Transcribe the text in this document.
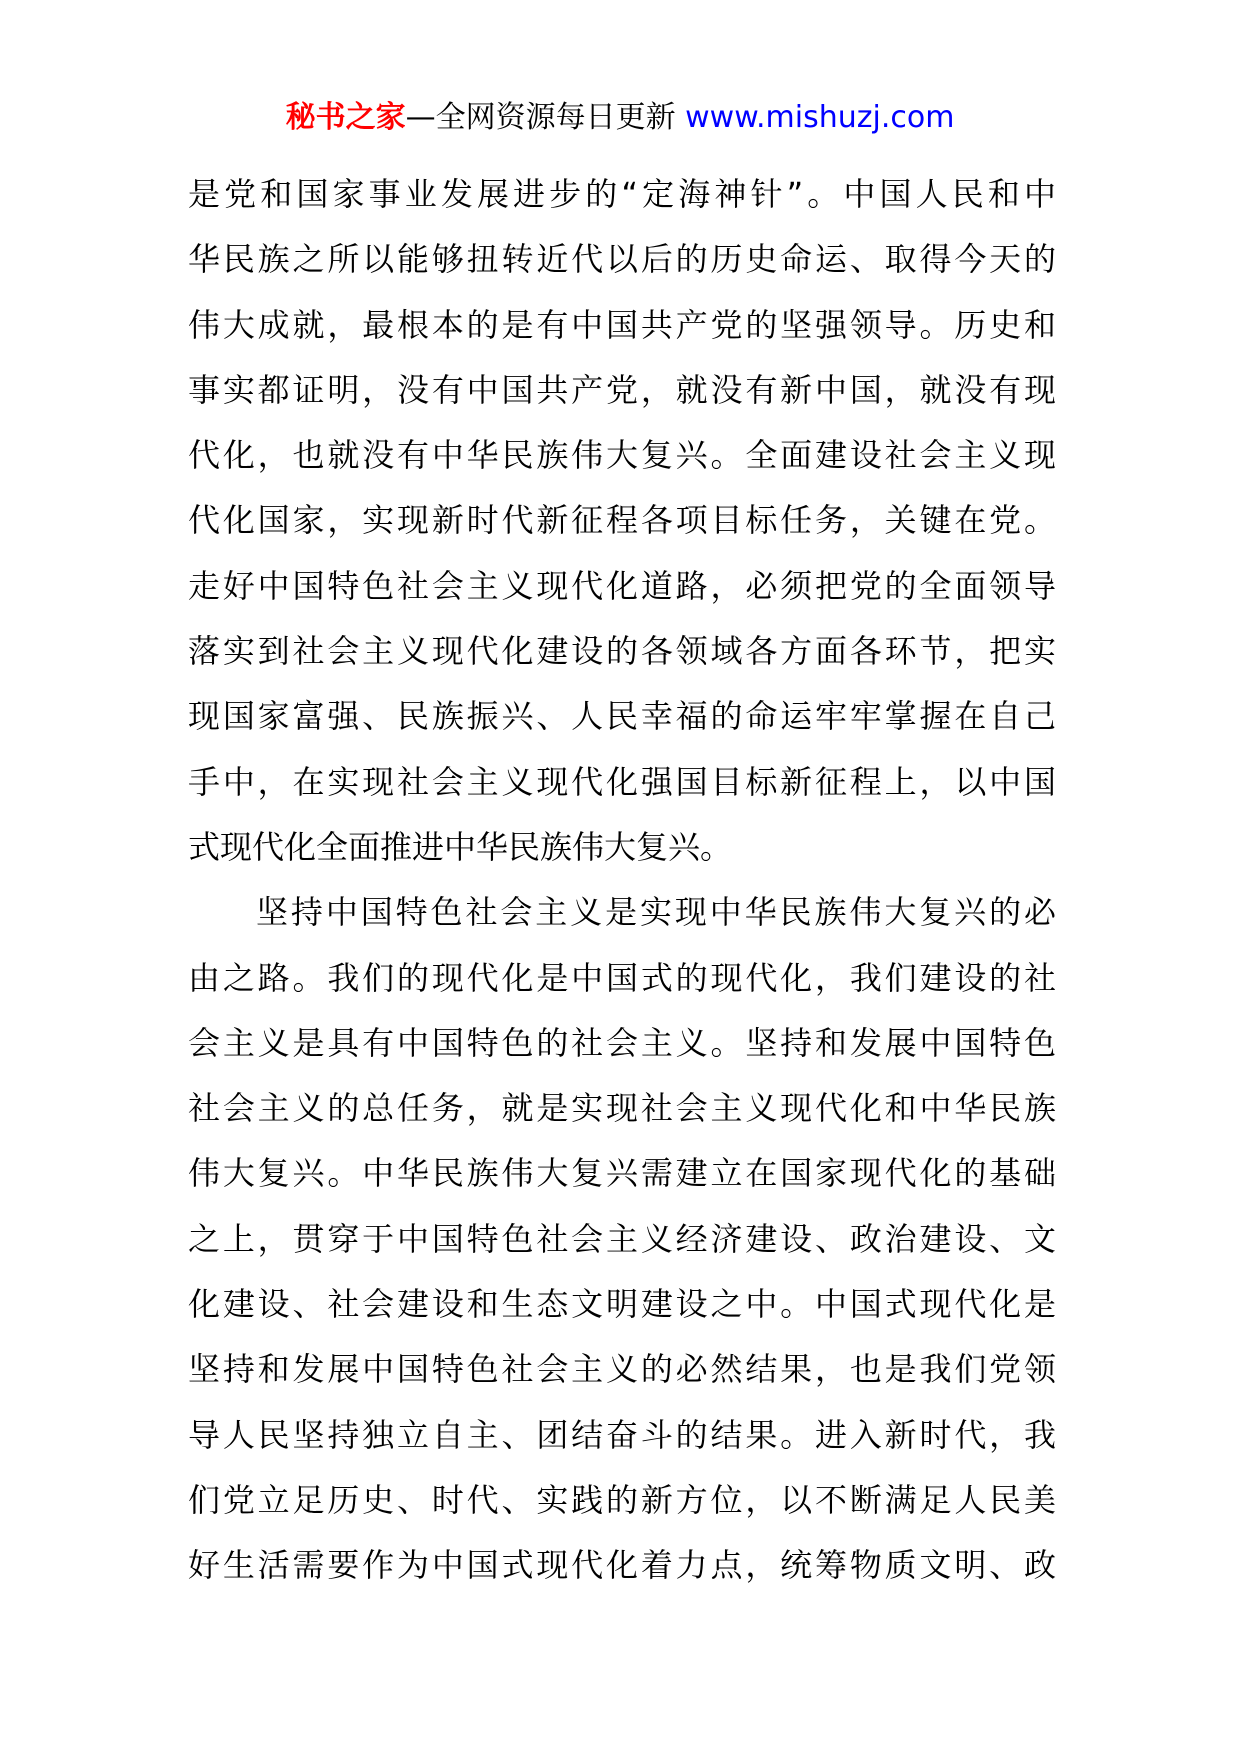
秘书之家—全网资源每日更新 www.mishuzj.com
是党和国家事业发展进步的“定海神针”。中国人民和中
华民族之所以能够扭转近代以后的历史命运、取得今天的
伟大成就，最根本的是有中国共产党的坚强领导。历史和
事实都证明，没有中国共产党，就没有新中国，就没有现
代化，也就没有中华民族伟大复兴。全面建设社会主义现
代化国家，实现新时代新征程各项目标任务，关键在党。
走好中国特色社会主义现代化道路，必须把党的全面领导
落实到社会主义现代化建设的各领域各方面各环节，把实
现国家富强、民族振兴、人民幸福的命运牢牢掌握在自己
手中，在实现社会主义现代化强国目标新征程上，以中国
式现代化全面推进中华民族伟大复兴。
坚持中国特色社会主义是实现中华民族伟大复兴的必
由之路。我们的现代化是中国式的现代化，我们建设的社
会主义是具有中国特色的社会主义。坚持和发展中国特色
社会主义的总任务，就是实现社会主义现代化和中华民族
伟大复兴。中华民族伟大复兴需建立在国家现代化的基础
之上，贯穿于中国特色社会主义经济建设、政治建设、文
化建设、社会建设和生态文明建设之中。中国式现代化是
坚持和发展中国特色社会主义的必然结果，也是我们党领
导人民坚持独立自主、团结奋斗的结果。进入新时代，我
们党立足历史、时代、实践的新方位，以不断满足人民美
好生活需要作为中国式现代化着力点，统筹物质文明、政
